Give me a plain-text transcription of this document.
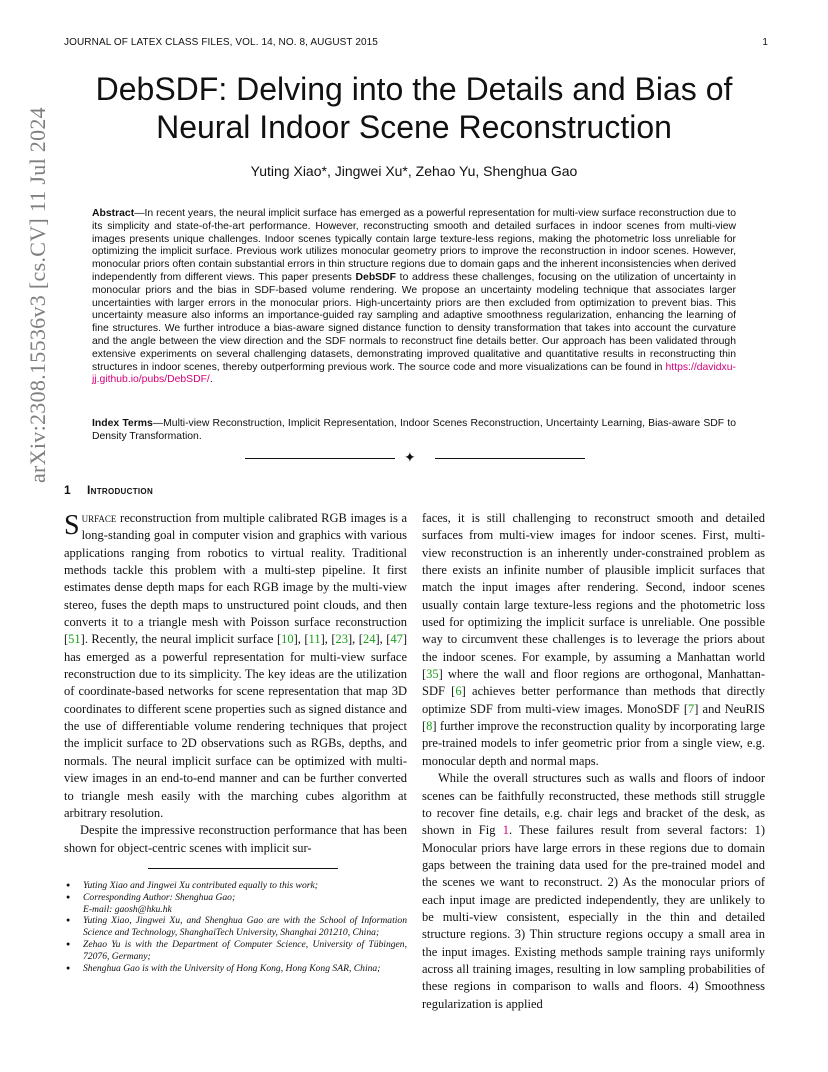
JOURNAL OF LATEX CLASS FILES, VOL. 14, NO. 8, AUGUST 2015	1
DebSDF: Delving into the Details and Bias of Neural Indoor Scene Reconstruction
Yuting Xiao*, Jingwei Xu*, Zehao Yu, Shenghua Gao

Abstract—In recent years, the neural implicit surface has emerged as a powerful representation for multi-view surface reconstruction due to its simplicity and state-of-the-art performance. However, reconstructing smooth and detailed surfaces in indoor scenes from multi-view images presents unique challenges. Indoor scenes typically contain large texture-less regions, making the photometric loss unreliable for optimizing the implicit surface. Previous work utilizes monocular geometry priors to improve the reconstruction in indoor scenes. However, monocular priors often contain substantial errors in thin structure regions due to domain gaps and the inherent inconsistencies when derived independently from different views. This paper presents DebSDF to address these challenges, focusing on the utilization of uncertainty in monocular priors and the bias in SDF-based volume rendering. We propose an uncertainty modeling technique that associates larger uncertainties with larger errors in the monocular priors. High-uncertainty priors are then excluded from optimization to prevent bias. This uncertainty measure also informs an importance-guided ray sampling and adaptive smoothness regularization, enhancing the learning of fine structures. We further introduce a bias-aware signed distance function to density transformation that takes into account the curvature and the angle between the view direction and the SDF normals to reconstruct fine details better. Our approach has been validated through extensive experiments on several challenging datasets, demonstrating improved qualitative and quantitative results in reconstructing thin structures in indoor scenes, thereby outperforming previous work. The source code and more visualizations can be found in https://davidxu-jj.github.io/pubs/DebSDF/.

Index Terms—Multi-view Reconstruction, Implicit Representation, Indoor Scenes Reconstruction, Uncertainty Learning, Bias-aware SDF to Density Transformation.

✦
arXiv:2308.15536v3 [cs.CV] 11 Jul 2024
1 Introduction

Surface reconstruction from multiple calibrated RGB images is a long-standing goal in computer vision and graphics with various applications ranging from robotics to virtual reality. Traditional methods tackle this problem with a multi-step pipeline. It first estimates dense depth maps for each RGB image by the multi-view stereo, fuses the depth maps to unstructured point clouds, and then converts it to a triangle mesh with Poisson surface reconstruction [51]. Recently, the neural implicit surface [10], [11], [23], [24], [47] has emerged as a powerful representation for multi-view surface reconstruction due to its simplicity. The key ideas are the utilization of coordinate-based networks for scene representation that map 3D coordinates to different scene properties such as signed distance and the use of differentiable volume rendering techniques that project the implicit surface to 2D observations such as RGBs, depths, and normals. The neural implicit surface can be optimized with multi-view images in an end-to-end manner and can be further converted to triangle mesh easily with the marching cubes algorithm at arbitrary resolution.

Despite the impressive reconstruction performance that has been shown for object-centric scenes with implicit sur-

faces, it is still challenging to reconstruct smooth and detailed surfaces from multi-view images for indoor scenes. First, multi-view reconstruction is an inherently under-constrained problem as there exists an infinite number of plausible implicit surfaces that match the input images after rendering. Second, indoor scenes usually contain large texture-less regions and the photometric loss used for optimizing the implicit surface is unreliable. One possible way to circumvent these challenges is to leverage the priors about the indoor scenes. For example, by assuming a Manhattan world [35] where the wall and floor regions are orthogonal, Manhattan-SDF [6] achieves better performance than methods that directly optimize SDF from multi-view images. MonoSDF [7] and NeuRIS [8] further improve the reconstruction quality by incorporating large pre-trained models to infer geometric prior from a single view, e.g. monocular depth and normal maps.

While the overall structures such as walls and floors of indoor scenes can be faithfully reconstructed, these methods still struggle to recover fine details, e.g. chair legs and bracket of the desk, as shown in Fig 1. These failures result from several factors: 1) Monocular priors have large errors in these regions due to domain gaps between the training data used for the pre-trained model and the scenes we want to reconstruct. 2) As the monocular priors of each input image are predicted independently, they are unlikely to be multi-view consistent, especially in the thin and detailed structure regions. 3) Thin structure regions occupy a small area in the input images. Existing methods sample training rays uniformly across all training images, resulting in low sampling probabilities of these regions in comparison to walls and floors. 4) Smoothness regularization is applied

● Yuting Xiao and Jingwei Xu contributed equally to this work;
● Corresponding Author: Shenghua Gao;
E-mail: gaosh@hku.hk
● Yuting Xiao, Jingwei Xu, and Shenghua Gao are with the School of Information Science and Technology, ShanghaiTech University, Shanghai 201210, China;
● Zehao Yu is with the Department of Computer Science, University of Tübingen, 72076, Germany;
● Shenghua Gao is with the University of Hong Kong, Hong Kong SAR, China;
